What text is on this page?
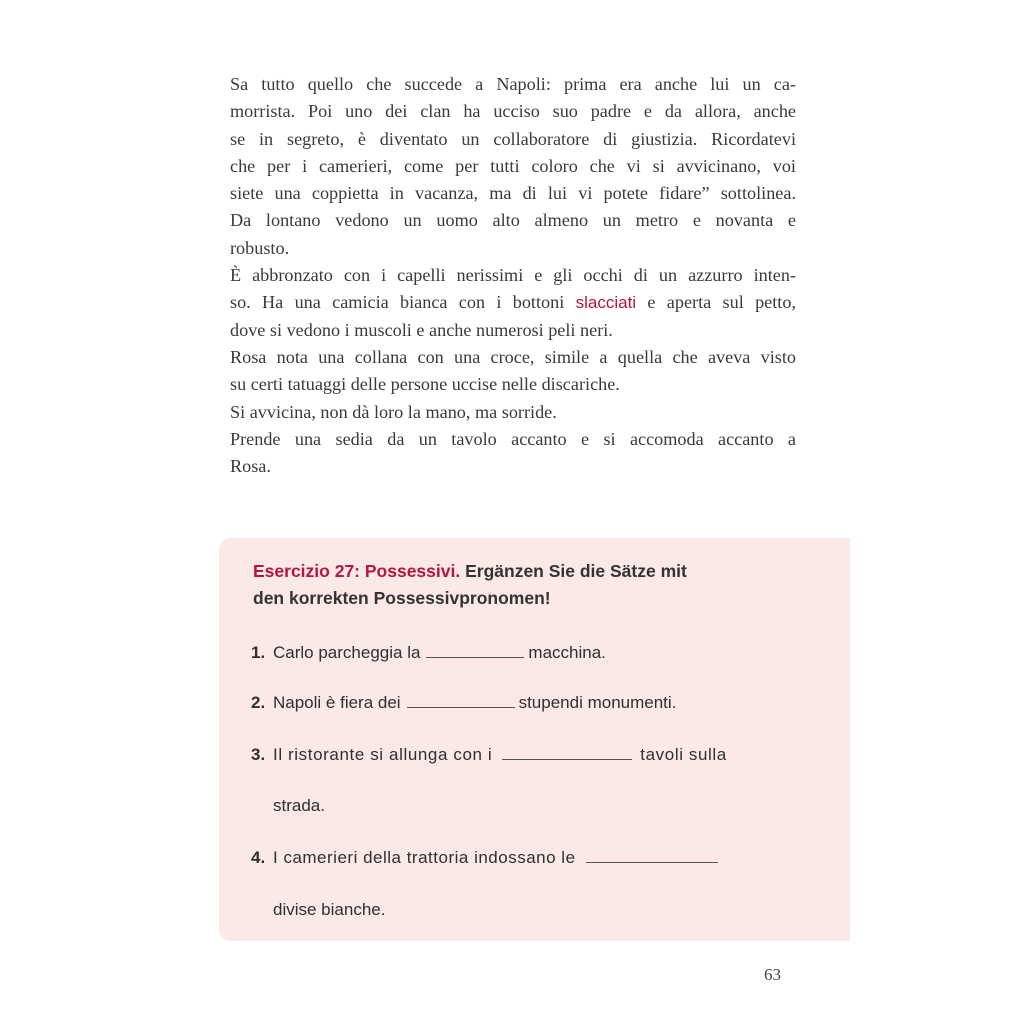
Sa tutto quello che succede a Napoli: prima era anche lui un ca-
morrista. Poi uno dei clan ha ucciso suo padre e da allora, anche
se in segreto, è diventato un collaboratore di giustizia. Ricordatevi
che per i camerieri, come per tutti coloro che vi si avvicinano, voi
siete una coppietta in vacanza, ma di lui vi potete fidare” sottolinea.
Da lontano vedono un uomo alto almeno un metro e novanta e
robusto.
È abbronzato con i capelli nerissimi e gli occhi di un azzurro inten-
so. Ha una camicia bianca con i bottoni slacciati e aperta sul petto,
dove si vedono i muscoli e anche numerosi peli neri.
Rosa nota una collana con una croce, simile a quella che aveva visto
su certi tatuaggi delle persone uccise nelle discariche.
Si avvicina, non dà loro la mano, ma sorride.
Prende una sedia da un tavolo accanto e si accomoda accanto a
Rosa.
Esercizio 27: Possessivi. Ergänzen Sie die Sätze mit
den korrekten Possessivpronomen!
1. Carlo parcheggia la	macchina.
2. Napoli è fiera dei	stupendi monumenti.
3. Il ristorante si allunga con i	tavoli sulla
strada.
4. I camerieri della trattoria indossano le
divise bianche.
63
